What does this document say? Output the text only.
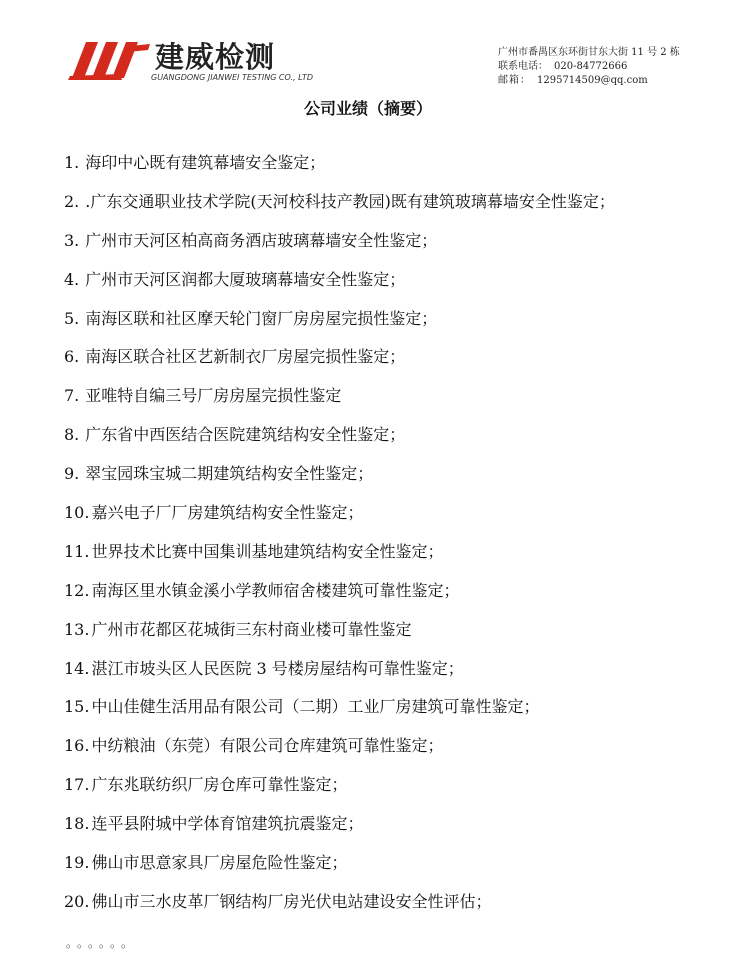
建威检测
GUANGDONG JIANWEI TESTING CO., LTD
广州市番禺区东环街甘东大街 11 号 2 栋
联系电话： 020-84772666
邮箱： 1295714509@qq.com
公司业绩（摘要）
1. 海印中心既有建筑幕墙安全鉴定；
2. .广东交通职业技术学院(天河校科技产教园)既有建筑玻璃幕墙安全性鉴定；
3. 广州市天河区柏高商务酒店玻璃幕墙安全性鉴定；
4. 广州市天河区润都大厦玻璃幕墙安全性鉴定；
5. 南海区联和社区摩天轮门窗厂房房屋完损性鉴定；
6. 南海区联合社区艺新制衣厂房屋完损性鉴定；
7. 亚唯特自编三号厂房房屋完损性鉴定
8. 广东省中西医结合医院建筑结构安全性鉴定；
9. 翠宝园珠宝城二期建筑结构安全性鉴定；
10. 嘉兴电子厂厂房建筑结构安全性鉴定；
11. 世界技术比赛中国集训基地建筑结构安全性鉴定；
12. 南海区里水镇金溪小学教师宿舍楼建筑可靠性鉴定；
13. 广州市花都区花城街三东村商业楼可靠性鉴定
14. 湛江市坡头区人民医院 3 号楼房屋结构可靠性鉴定；
15. 中山佳健生活用品有限公司（二期）工业厂房建筑可靠性鉴定；
16. 中纺粮油（东莞）有限公司仓库建筑可靠性鉴定；
17. 广东兆联纺织厂房仓库可靠性鉴定；
18. 连平县附城中学体育馆建筑抗震鉴定；
19. 佛山市思意家具厂房屋危险性鉴定；
20. 佛山市三水皮革厂钢结构厂房光伏电站建设安全性评估；
。。。。。。
